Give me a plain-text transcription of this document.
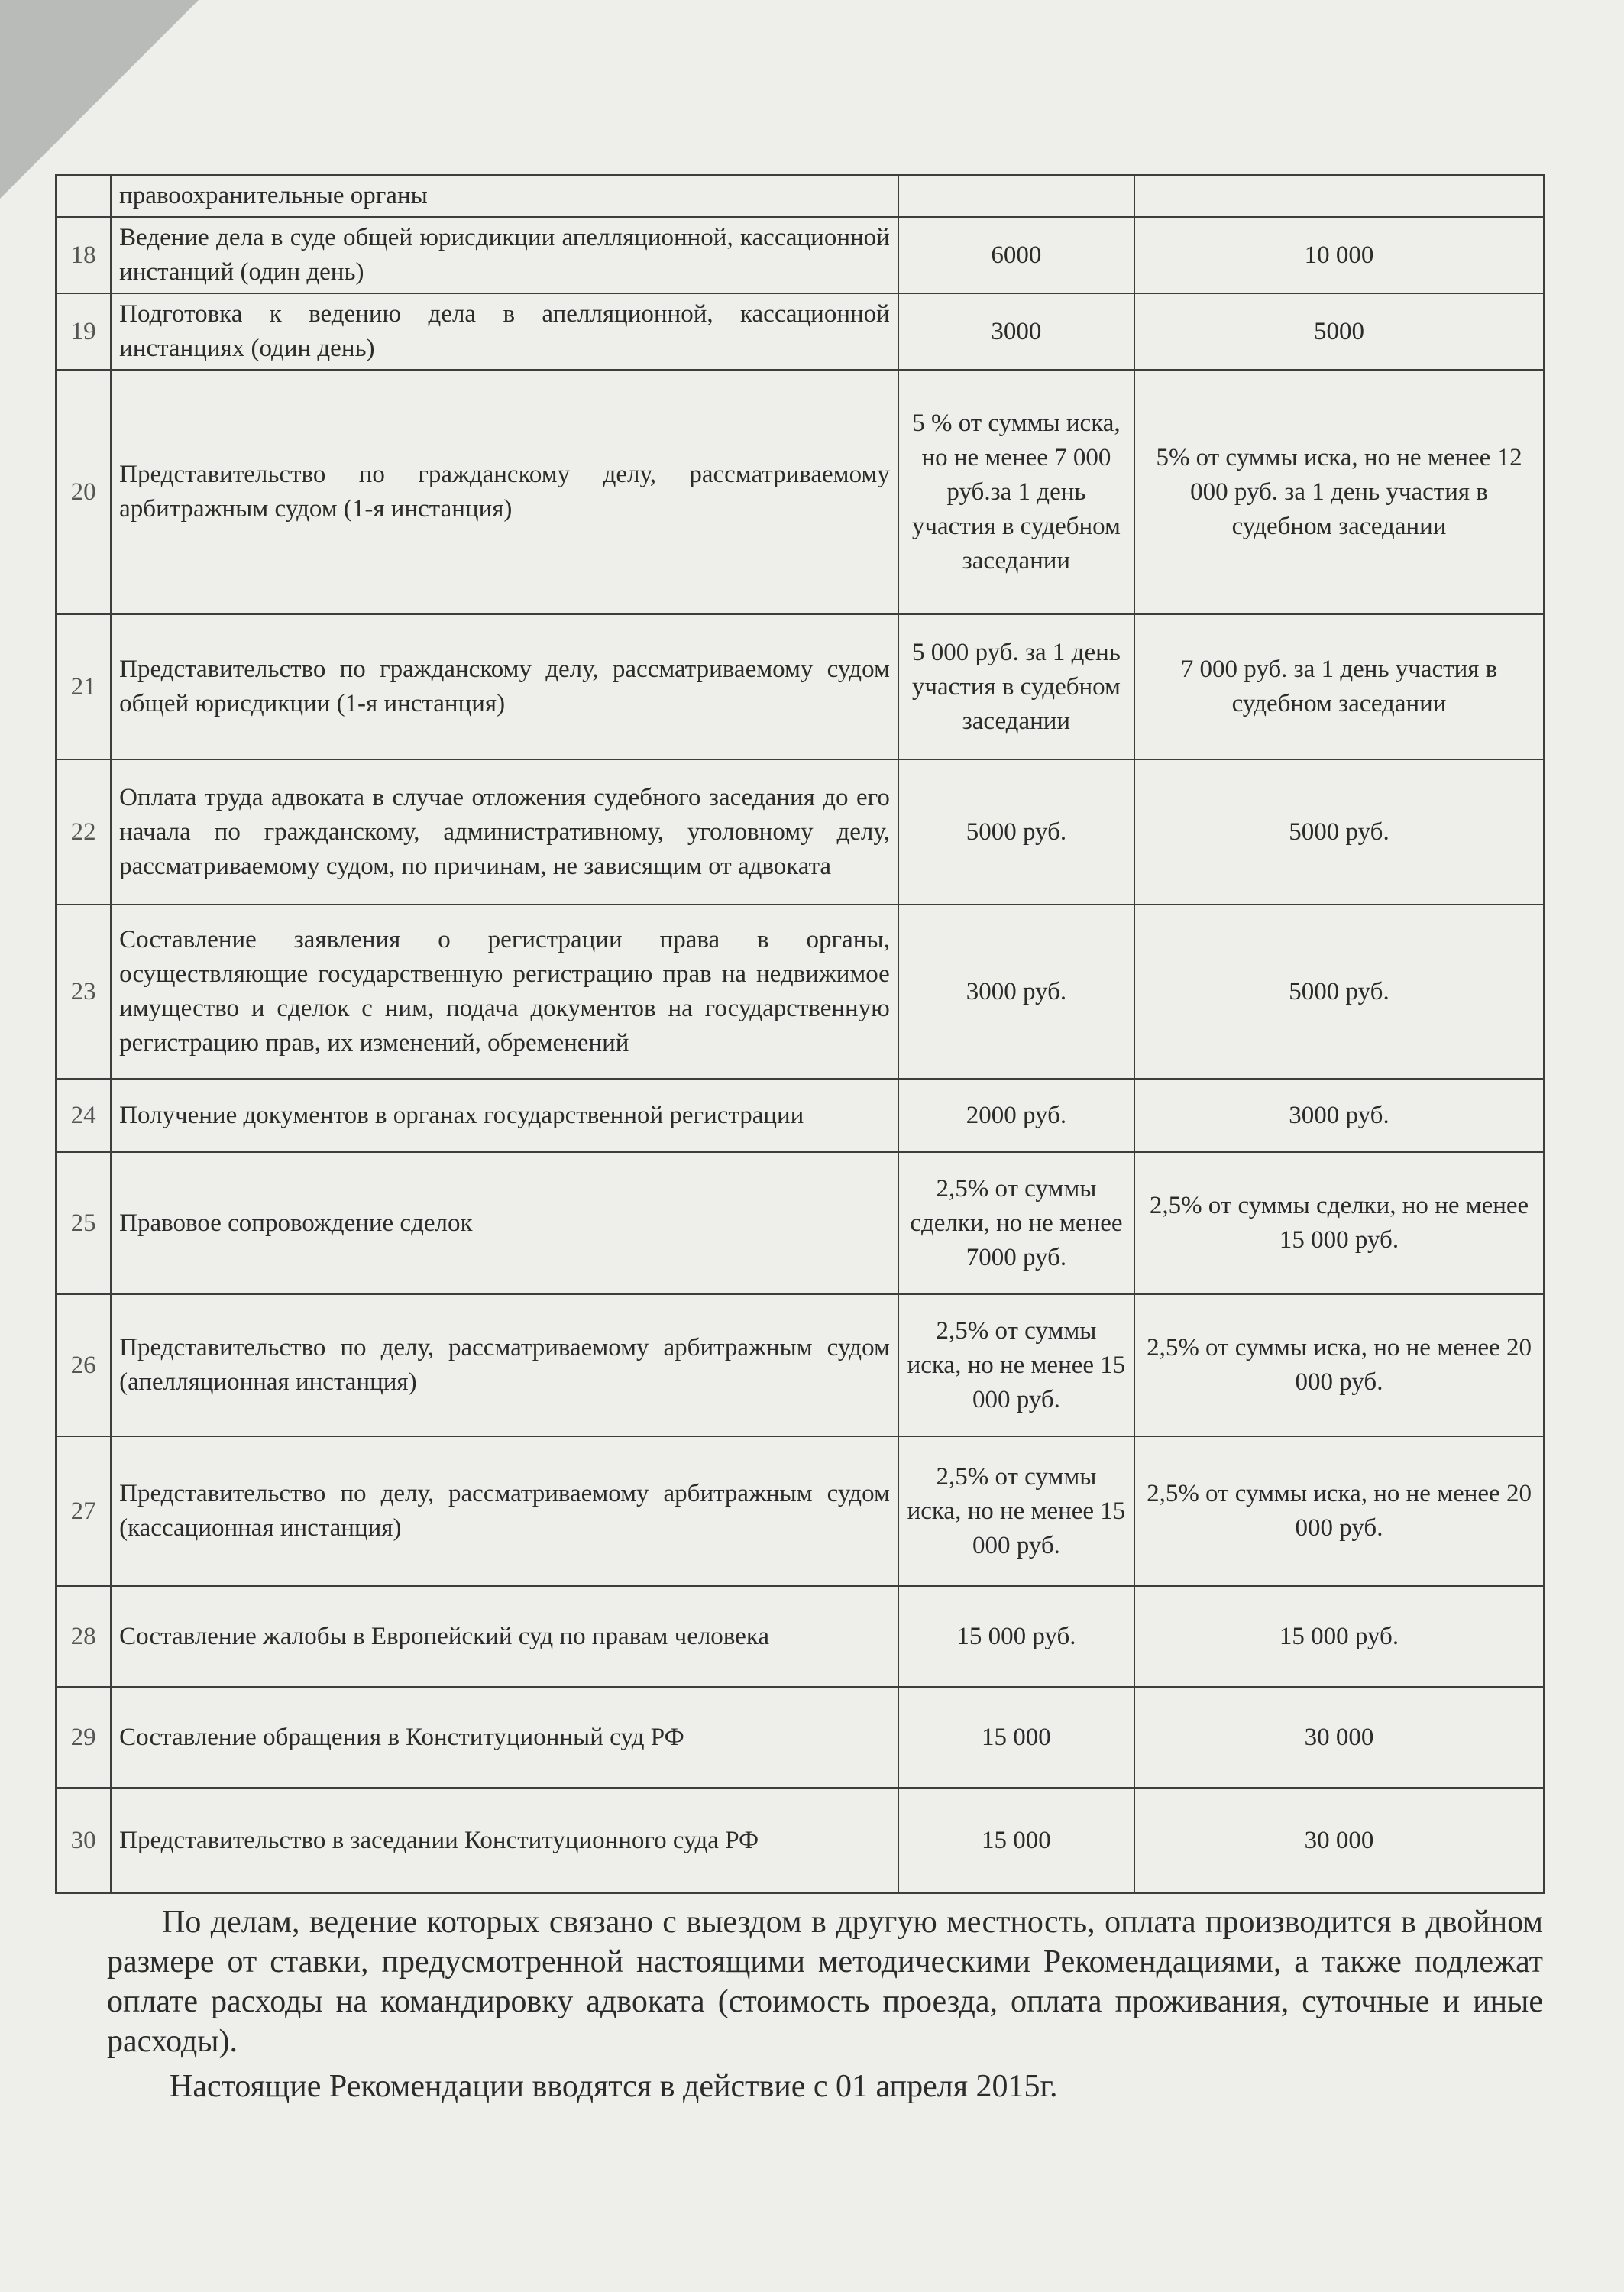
	правоохранительные органы		
18	Ведение дела в суде общей юрисдикции апелляционной, кассационной инстанций (один день)	6000	10 000
19	Подготовка к ведению дела в апелляционной, кассационной инстанциях (один день)	3000	5000
20	Представительство по гражданскому делу, рассматриваемому арбитражным судом (1-я инстанция)	5 % от суммы иска, но не менее 7 000 руб.за 1 день участия в судебном заседании	5% от суммы иска, но не менее 12 000 руб. за 1 день участия в судебном заседании
21	Представительство по гражданскому делу, рассматриваемому судом общей юрисдикции (1-я инстанция)	5 000 руб. за 1 день участия в судебном заседании	7 000 руб. за 1 день участия в судебном заседании
22	Оплата труда адвоката в случае отложения судебного заседания до его начала по гражданскому, административному, уголовному делу, рассматриваемому судом, по причинам, не зависящим от адвоката	5000 руб.	5000 руб.
23	Составление заявления о регистрации права в органы, осуществляющие государственную регистрацию прав на недвижимое имущество и сделок с ним, подача документов на государственную регистрацию прав, их изменений, обременений	3000 руб.	5000 руб.
24	Получение документов в органах государственной регистрации	2000 руб.	3000 руб.
25	Правовое сопровождение сделок	2,5% от суммы сделки, но не менее 7000 руб.	2,5% от суммы сделки, но не менее 15 000 руб.
26	Представительство по делу, рассматриваемому арбитражным судом (апелляционная инстанция)	2,5% от суммы иска, но не менее 15 000 руб.	2,5% от суммы иска, но не менее 20 000 руб.
27	Представительство по делу, рассматриваемому арбитражным судом (кассационная инстанция)	2,5% от суммы иска, но не менее 15 000 руб.	2,5% от суммы иска, но не менее 20 000 руб.
28	Составление жалобы в Европейский суд по правам человека	15 000 руб.	15 000 руб.
29	Составление обращения в Конституционный суд РФ	15 000	30 000
30	Представительство в заседании Конституционного суда РФ	15 000	30 000

По делам, ведение которых связано с выездом в другую местность, оплата производится в двойном размере от ставки, предусмотренной настоящими методическими Рекомендациями, а также подлежат оплате расходы на командировку адвоката (стоимость проезда, оплата проживания, суточные и иные расходы).

Настоящие Рекомендации вводятся в действие с 01 апреля 2015г.
